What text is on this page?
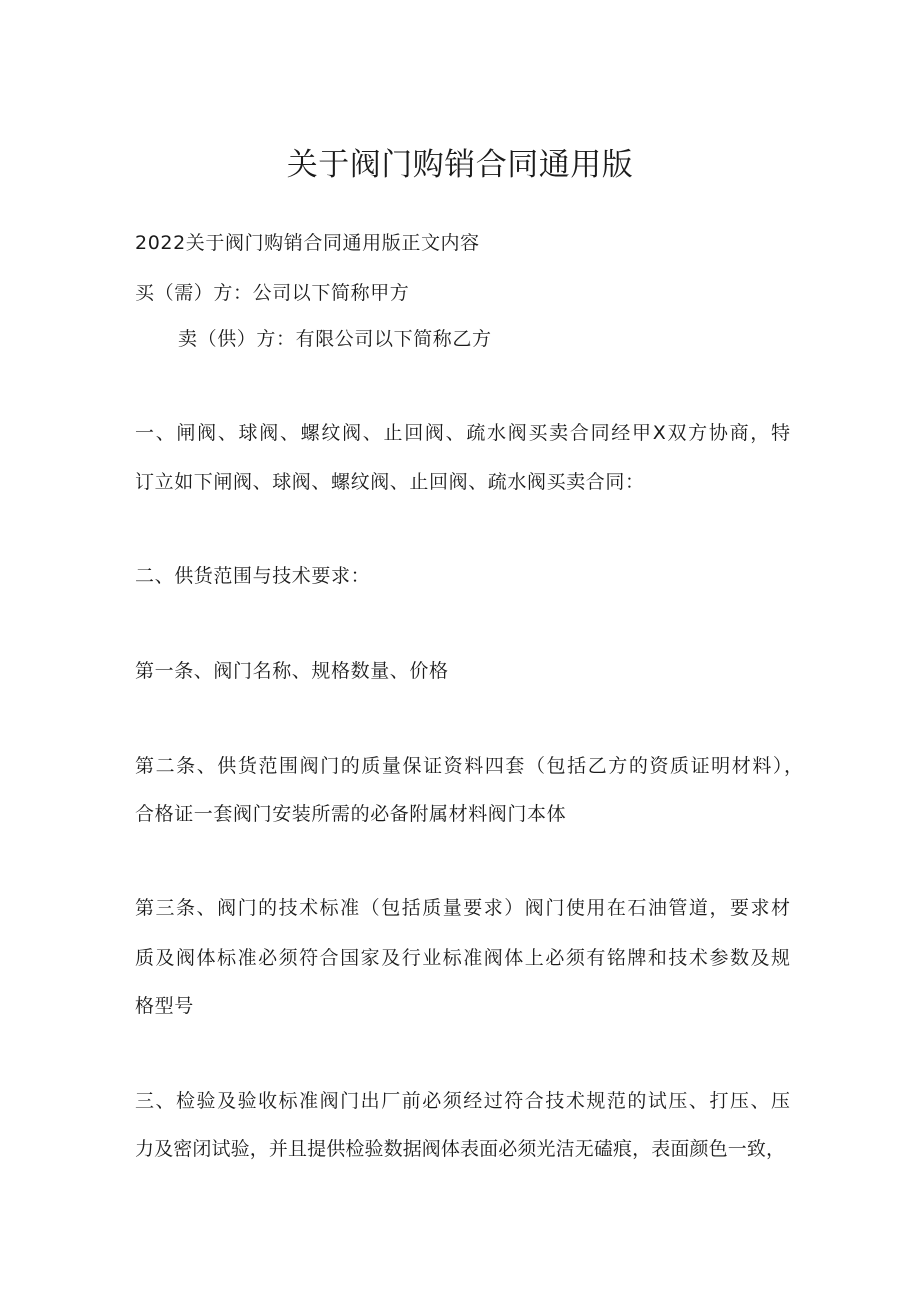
关于阀门购销合同通用版
2022关于阀门购销合同通用版正文内容
买（需）方：公司以下简称甲方
卖（供）方：有限公司以下简称乙方
一、闸阀、球阀、螺纹阀、止回阀、疏水阀买卖合同经甲X双方协商，特
订立如下闸阀、球阀、螺纹阀、止回阀、疏水阀买卖合同：
二、供货范围与技术要求：
第一条、阀门名称、规格数量、价格
第二条、供货范围阀门的质量保证资料四套（包括乙方的资质证明材料），
合格证一套阀门安装所需的必备附属材料阀门本体
第三条、阀门的技术标准（包括质量要求）阀门使用在石油管道，要求材
质及阀体标准必须符合国家及行业标准阀体上必须有铭牌和技术参数及规
格型号
三、检验及验收标准阀门出厂前必须经过符合技术规范的试压、打压、压
力及密闭试验，并且提供检验数据阀体表面必须光洁无磕痕，表面颜色一致，
